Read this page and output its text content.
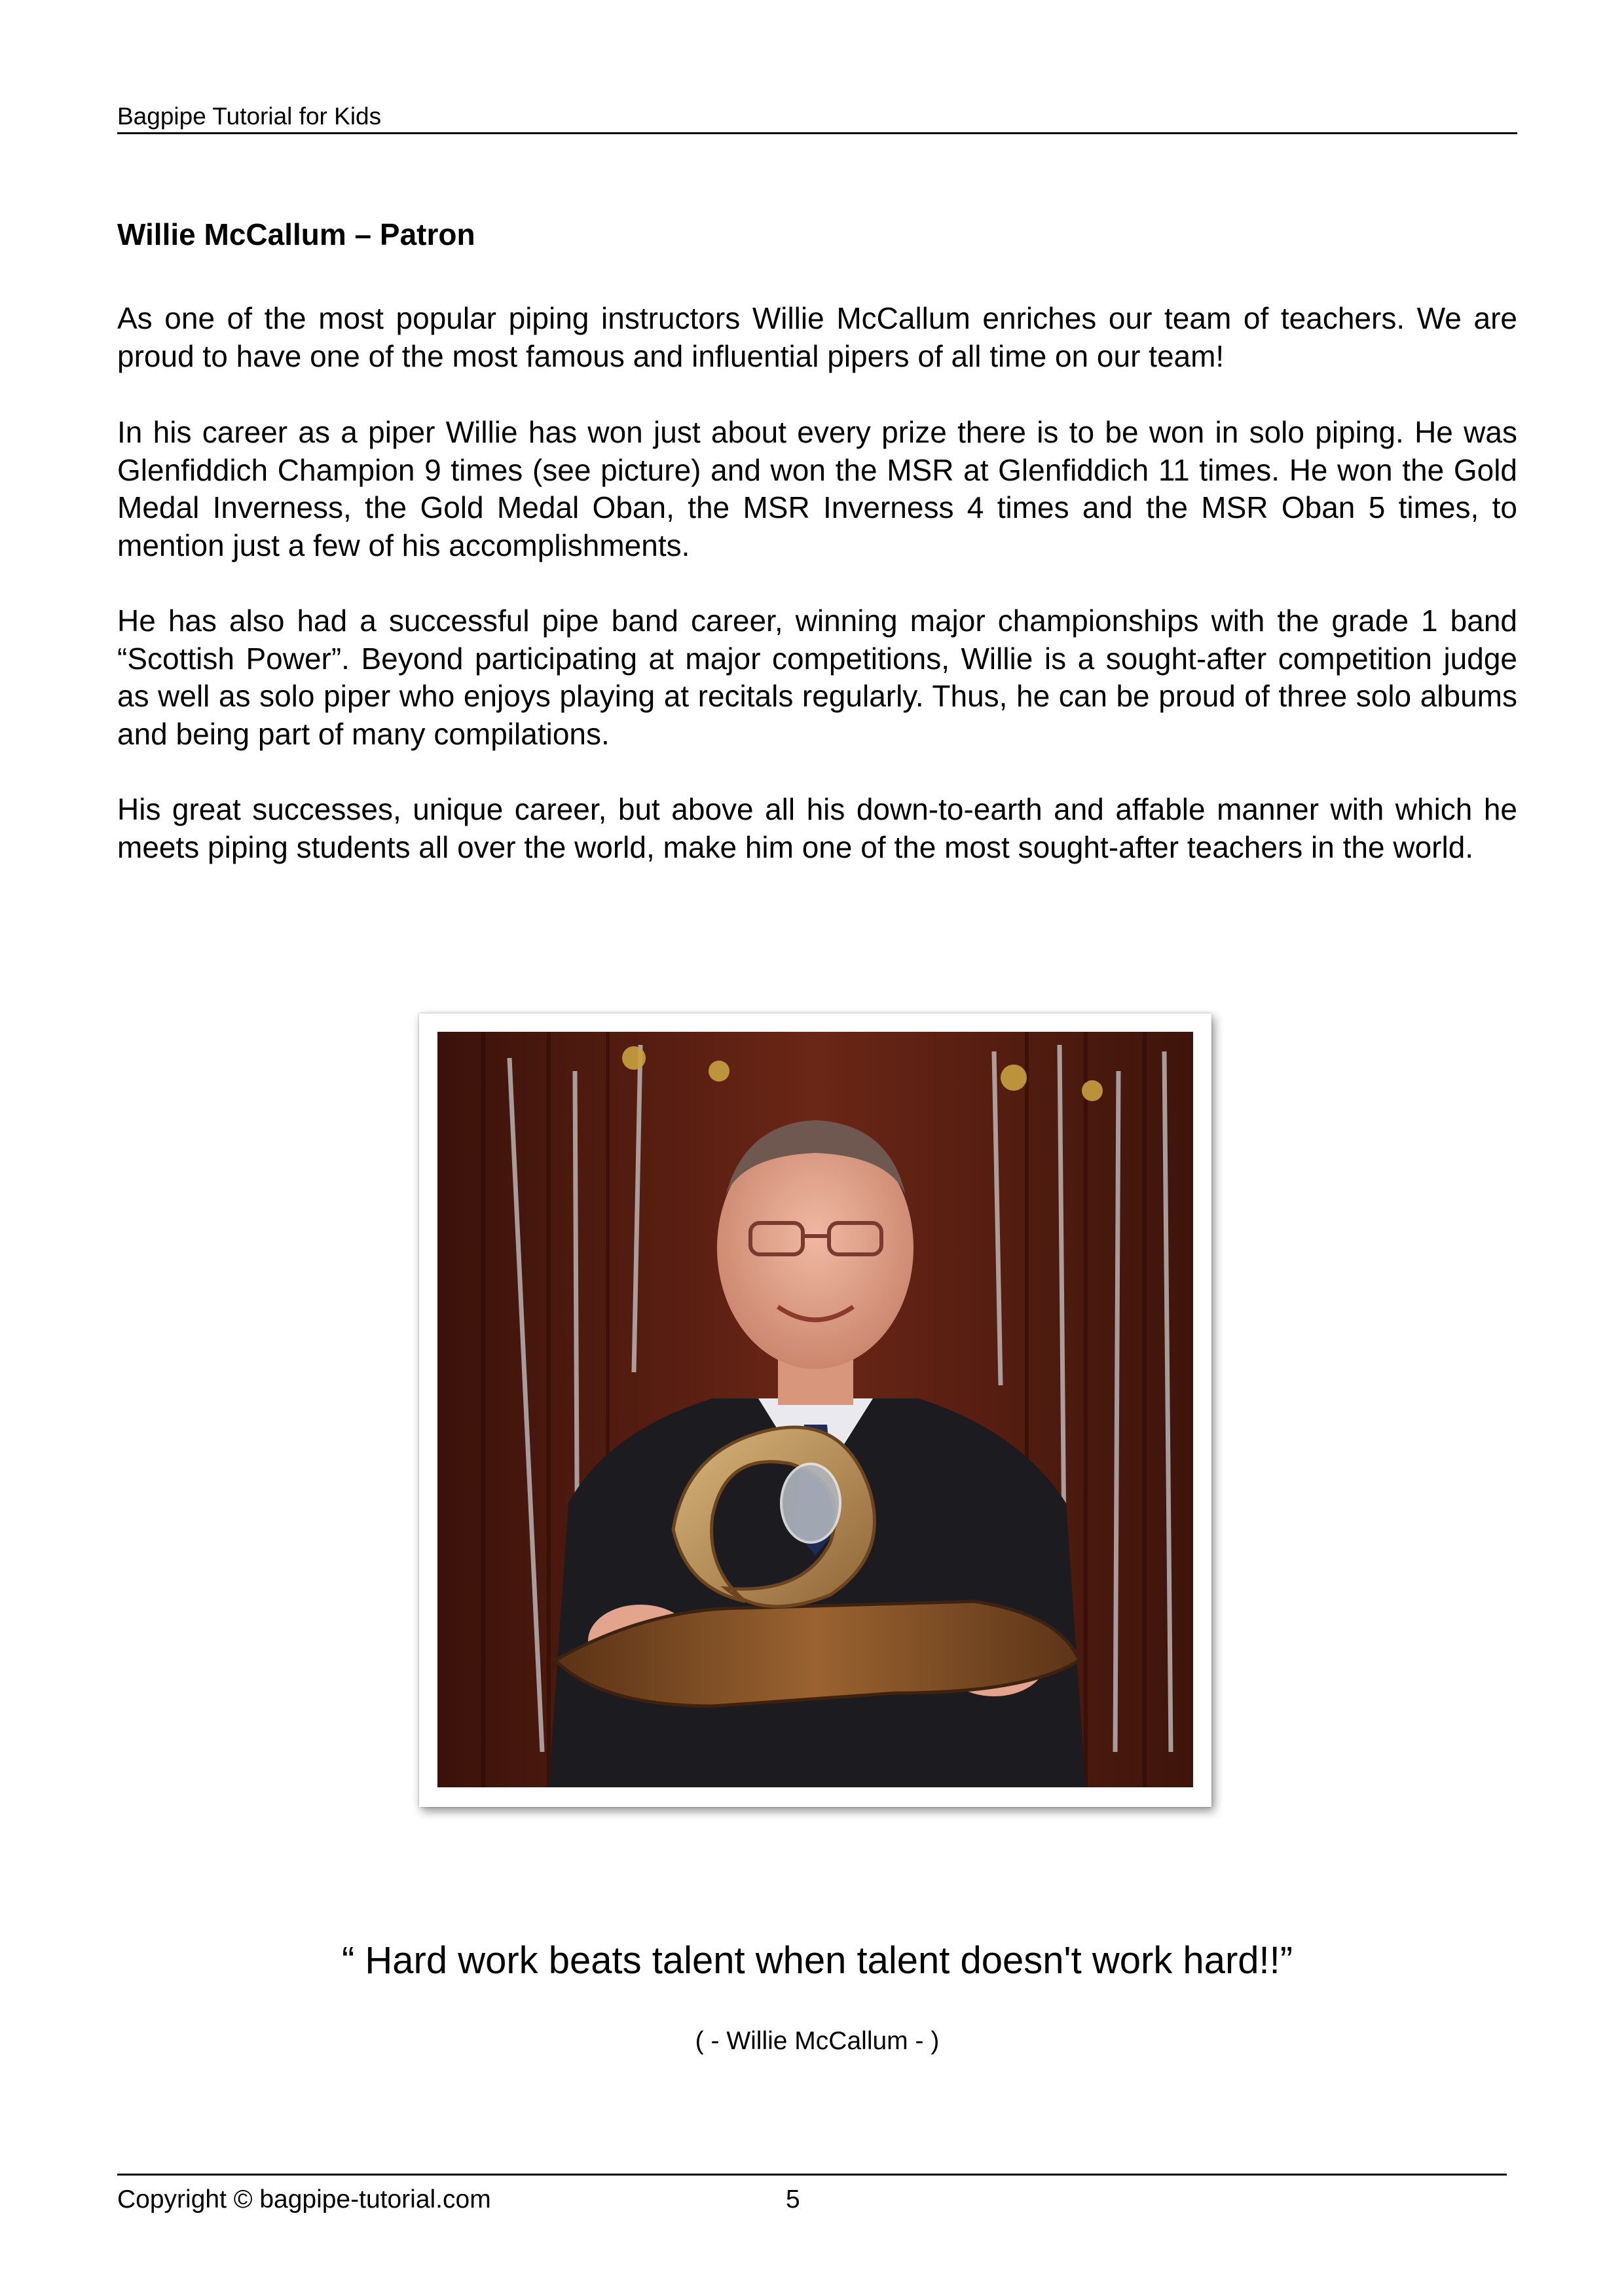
Bagpipe Tutorial for Kids
Willie McCallum – Patron

As one of the most popular piping instructors Willie McCallum enriches our team of teachers. We are proud to have one of the most famous and influential pipers of all time on our team!

In his career as a piper Willie has won just about every prize there is to be won in solo piping. He was Glenfiddich Champion 9 times (see picture) and won the MSR at Glenfiddich 11 times. He won the Gold Medal Inverness, the Gold Medal Oban, the MSR Inverness 4 times and the MSR Oban 5 times, to mention just a few of his accomplishments.

He has also had a successful pipe band career, winning major championships with the grade 1 band “Scottish Power”. Beyond participating at major competitions, Willie is a sought-after competition judge as well as solo piper who enjoys playing at recitals regularly. Thus, he can be proud of three solo albums and being part of many compilations.

His great successes, unique career, but above all his down-to-earth and affable manner with which he meets piping students all over the world, make him one of the most sought-after teachers in the world.

“ Hard work beats talent when talent doesn't work hard!!”

( - Willie McCallum - )

Copyright © bagpipe-tutorial.com	5
